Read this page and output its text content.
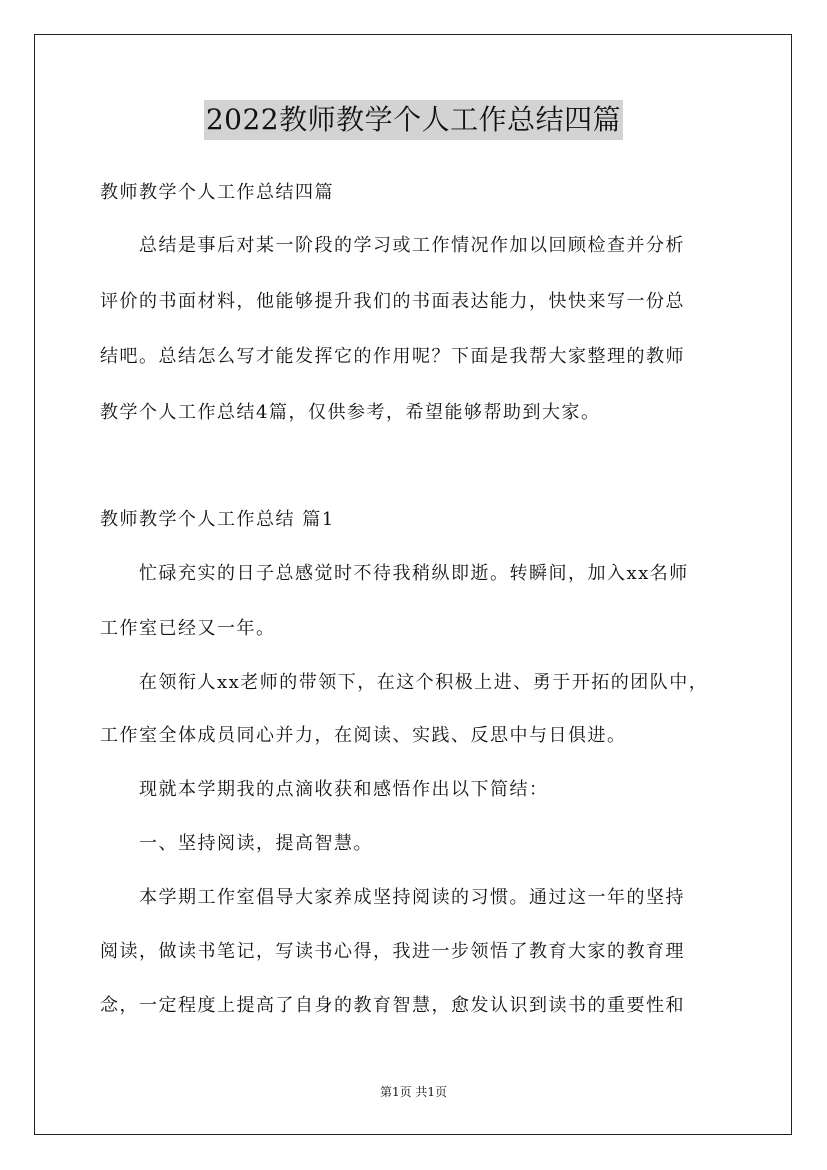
2022教师教学个人工作总结四篇
教师教学个人工作总结四篇
　　总结是事后对某一阶段的学习或工作情况作加以回顾检查并分析
评价的书面材料，他能够提升我们的书面表达能力，快快来写一份总
结吧。总结怎么写才能发挥它的作用呢？下面是我帮大家整理的教师
教学个人工作总结4篇，仅供参考，希望能够帮助到大家。
教师教学个人工作总结 篇1
　　忙碌充实的日子总感觉时不待我稍纵即逝。转瞬间，加入xx名师
工作室已经又一年。
　　在领衔人xx老师的带领下，在这个积极上进、勇于开拓的团队中，
工作室全体成员同心并力，在阅读、实践、反思中与日俱进。
　　现就本学期我的点滴收获和感悟作出以下简结：
　　一、坚持阅读，提高智慧。
　　本学期工作室倡导大家养成坚持阅读的习惯。通过这一年的坚持
阅读，做读书笔记，写读书心得，我进一步领悟了教育大家的教育理
念，一定程度上提高了自身的教育智慧，愈发认识到读书的重要性和
第1页 共1页
